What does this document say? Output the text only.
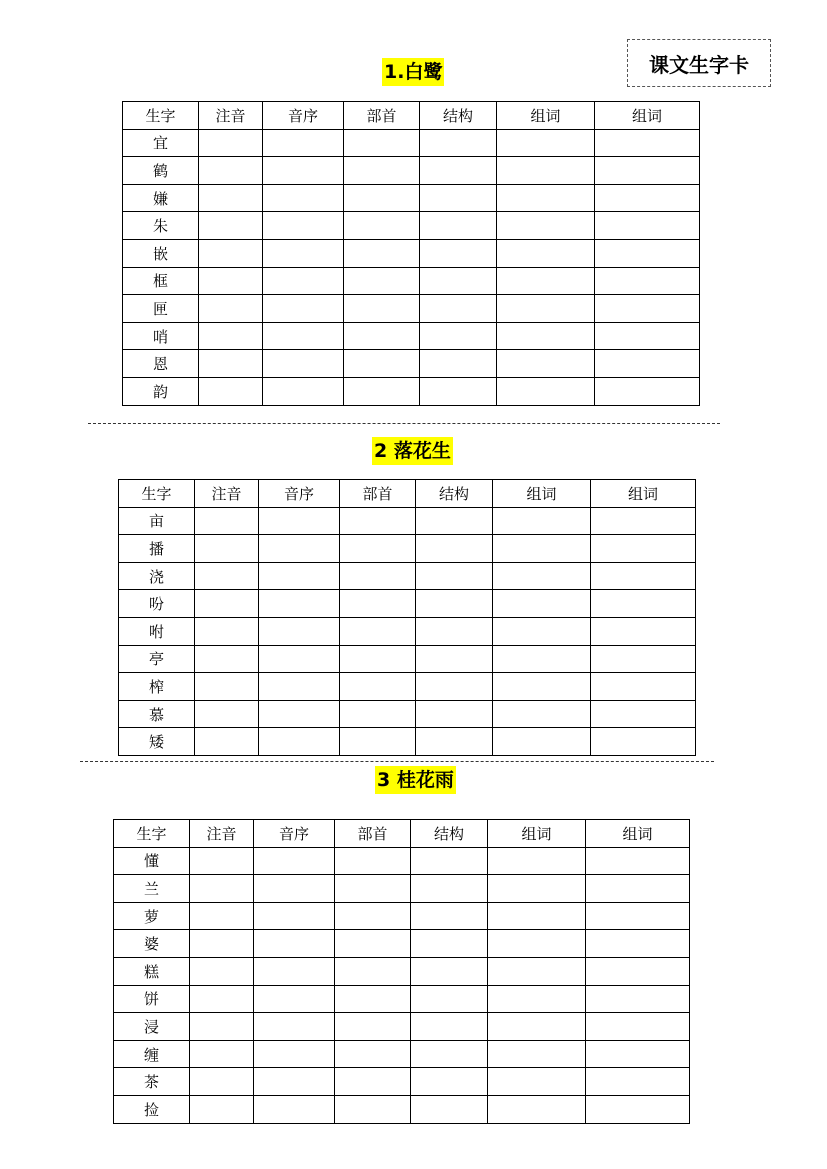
课文生字卡
1.白鹭
生字	注音	音序	部首	结构	组词	组词
宜						
鹤						
嫌						
朱						
嵌						
框						
匣						
哨						
恩						
韵						
2 落花生
生字	注音	音序	部首	结构	组词	组词
亩						
播						
浇						
吩						
咐						
亭						
榨						
慕						
矮						
3 桂花雨
生字	注音	音序	部首	结构	组词	组词
懂						
兰						
萝						
婆						
糕						
饼						
浸						
缠						
茶						
捡						
